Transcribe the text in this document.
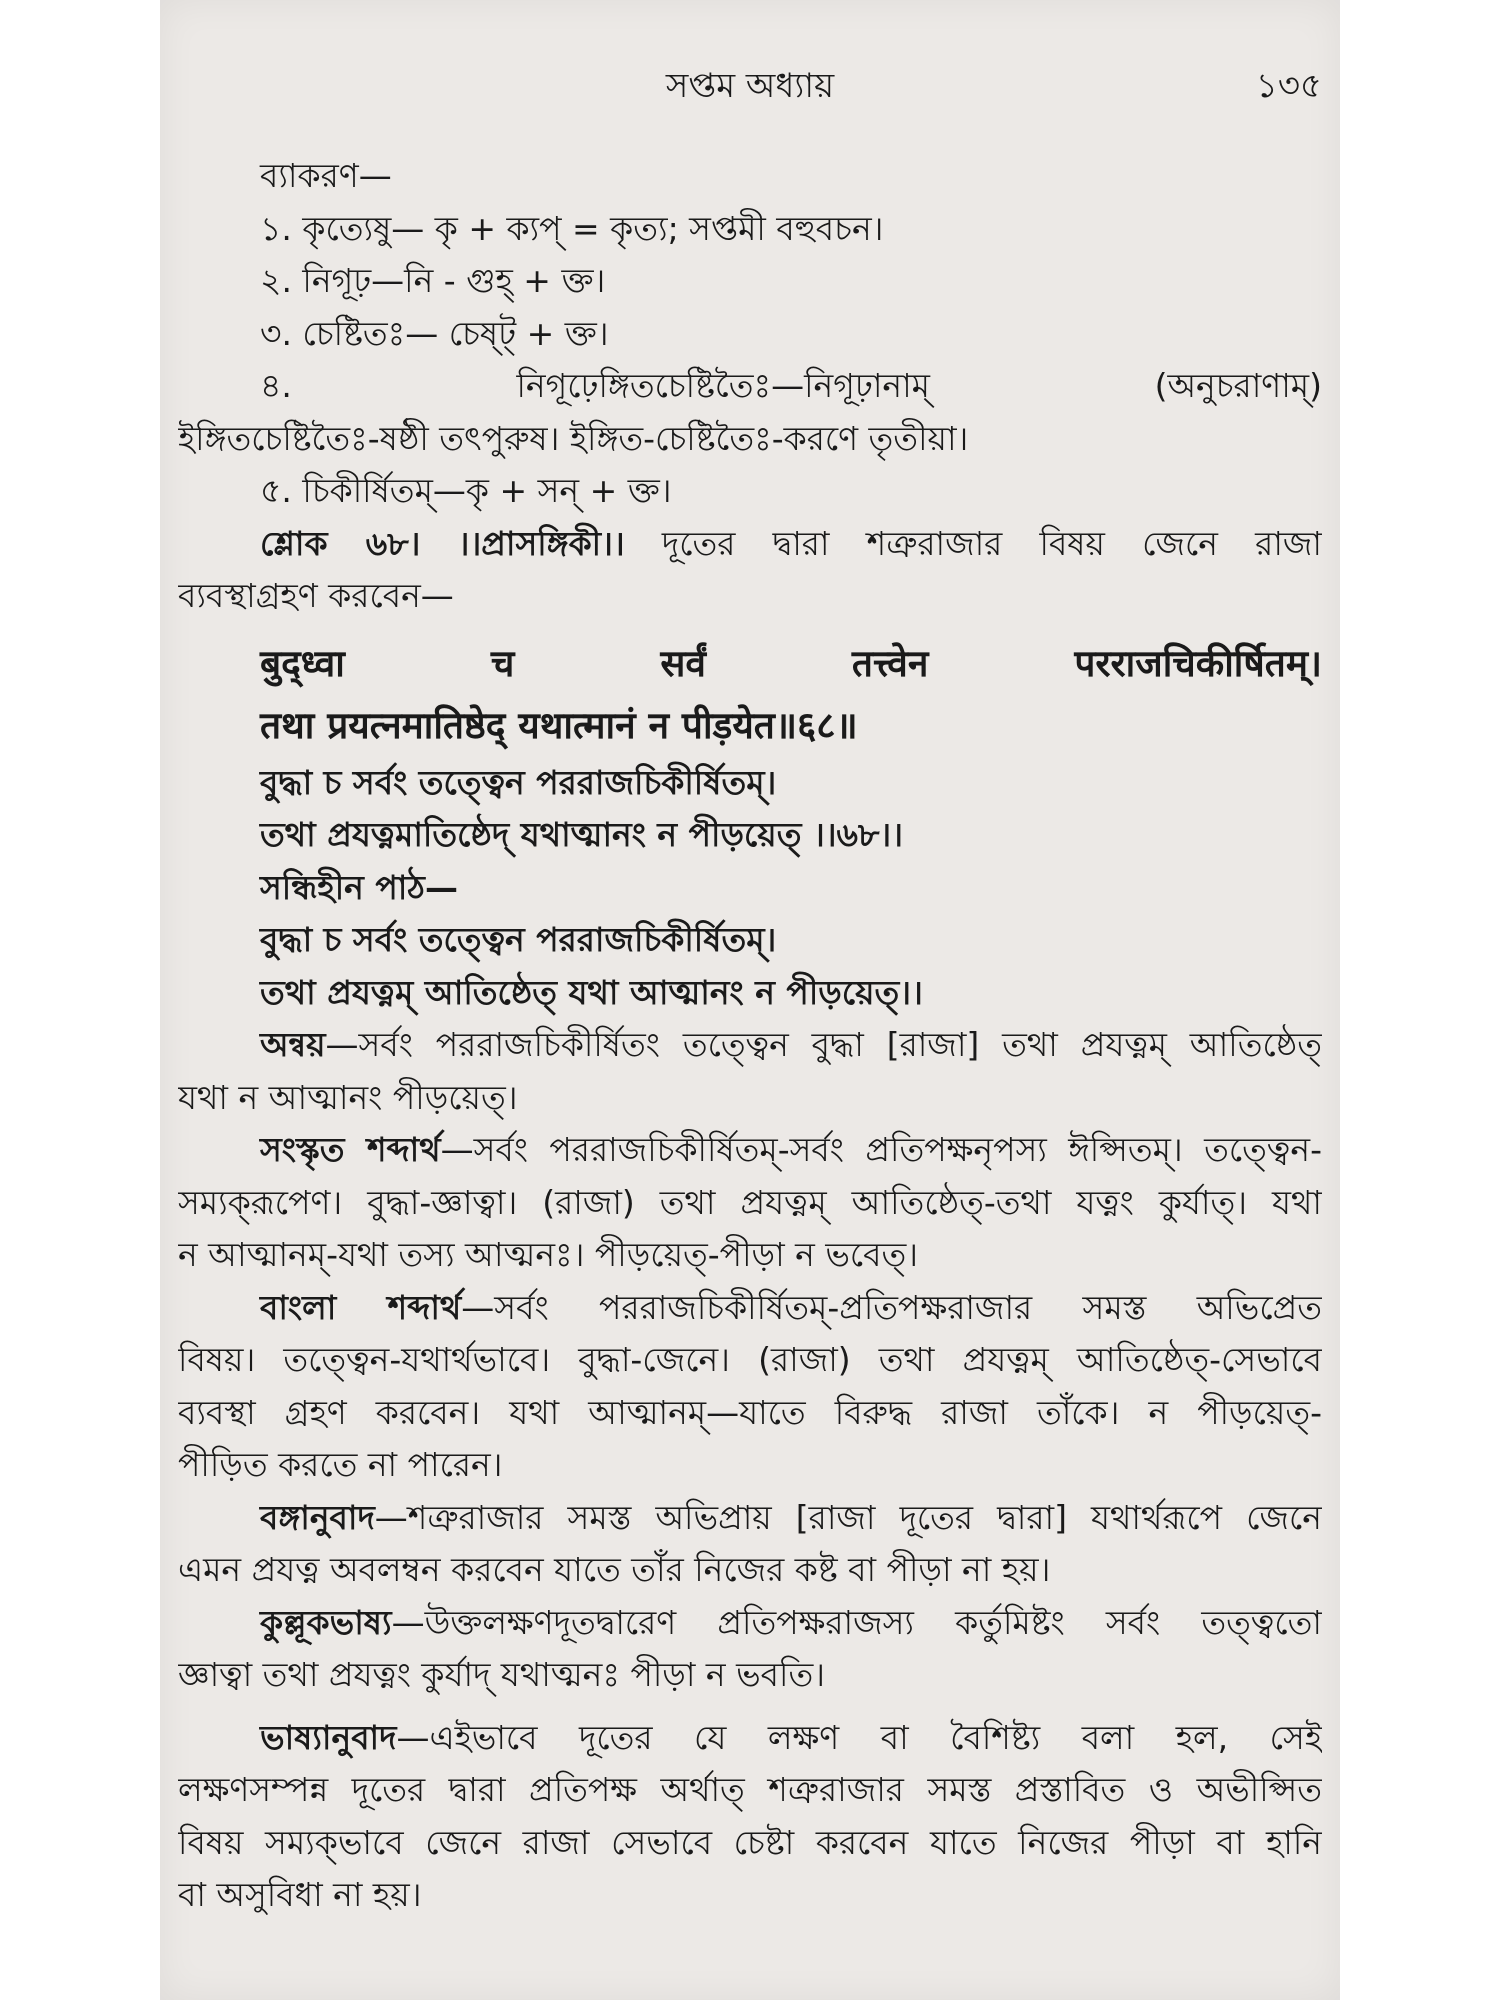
সপ্তম অধ্যায়	১৩৫
ব্যাকরণ—
১. কৃত্যেষু— কৃ + ক্যপ্ = কৃত্য; সপ্তমী বহুবচন।
২. নিগূঢ়—নি - গুহ্ + ক্ত।
৩. চেষ্টিতঃ— চেষ্ট্ + ক্ত।
৪.	নিগূঢ়েঙ্গিতচেষ্টিতৈঃ—নিগূঢ়ানাম্	(অনুচরাণাম্)
ইঙ্গিতচেষ্টিতৈঃ-ষষ্ঠী তৎপুরুষ। ইঙ্গিত-চেষ্টিতৈঃ-করণে তৃতীয়া।
৫. চিকীর্ষিতম্—কৃ + সন্ + ক্ত।
শ্লোক ৬৮। ।।প্রাসঙ্গিকী।। দূতের দ্বারা শত্রুরাজার বিষয় জেনে রাজা
ব্যবস্থাগ্রহণ করবেন—
बुद्ध्वा च सर्वं तत्त्वेन परराजचिकीर्षितम्।
तथा प्रयत्नमातिष्ठेद् यथात्मानं न पीड़येत॥६८॥
বুদ্ধা চ সর্বং তত্ত্বেন পররাজচিকীর্ষিতম্।
তথা প্রযত্নমাতিষ্ঠেদ্ যথাত্মানং ন পীড়য়েত্ ।।৬৮।।
সন্ধিহীন পাঠ—
বুদ্ধা চ সর্বং তত্ত্বেন পররাজচিকীর্ষিতম্।
তথা প্রযত্নম্ আতিষ্ঠেত্ যথা আত্মানং ন পীড়য়েত্।।
অন্বয়—সর্বং পররাজচিকীর্ষিতং তত্ত্বেন বুদ্ধা [রাজা] তথা প্রযত্নম্ আতিষ্ঠেত্
যথা ন আত্মানং পীড়য়েত্।
সংস্কৃত শব্দার্থ—সর্বং পররাজচিকীর্ষিতম্-সর্বং প্রতিপক্ষনৃপস্য ঈপ্সিতম্। তত্ত্বেন-
সম্যক্‌রূপেণ। বুদ্ধা-জ্ঞাত্বা। (রাজা) তথা প্রযত্নম্ আতিষ্ঠেত্-তথা যত্নং কুর্যাত্। যথা
ন আত্মানম্-যথা তস্য আত্মনঃ। পীড়য়েত্-পীড়া ন ভবেত্।
বাংলা শব্দার্থ—সর্বং পররাজচিকীর্ষিতম্-প্রতিপক্ষরাজার সমস্ত অভিপ্রেত
বিষয়। তত্ত্বেন-যথার্থভাবে। বুদ্ধা-জেনে। (রাজা) তথা প্রযত্নম্ আতিষ্ঠেত্-সেভাবে
ব্যবস্থা গ্রহণ করবেন। যথা আত্মানম্—যাতে বিরুদ্ধ রাজা তাঁকে। ন পীড়য়েত্-
পীড়িত করতে না পারেন।
বঙ্গানুবাদ—শত্রুরাজার সমস্ত অভিপ্রায় [রাজা দূতের দ্বারা] যথার্থরূপে জেনে
এমন প্রযত্ন অবলম্বন করবেন যাতে তাঁর নিজের কষ্ট বা পীড়া না হয়।
কুল্লূকভাষ্য—উক্তলক্ষণদূতদ্বারেণ প্রতিপক্ষরাজস্য কর্তুমিষ্টং সর্বং তত্ত্বতো
জ্ঞাত্বা তথা প্রযত্নং কুর্যাদ্ যথাত্মনঃ পীড়া ন ভবতি।
ভাষ্যানুবাদ—এইভাবে দূতের যে লক্ষণ বা বৈশিষ্ট্য বলা হল, সেই
লক্ষণসম্পন্ন দূতের দ্বারা প্রতিপক্ষ অর্থাত্ শত্রুরাজার সমস্ত প্রস্তাবিত ও অভীপ্সিত
বিষয় সম্যক্‌ভাবে জেনে রাজা সেভাবে চেষ্টা করবেন যাতে নিজের পীড়া বা হানি
বা অসুবিধা না হয়।
